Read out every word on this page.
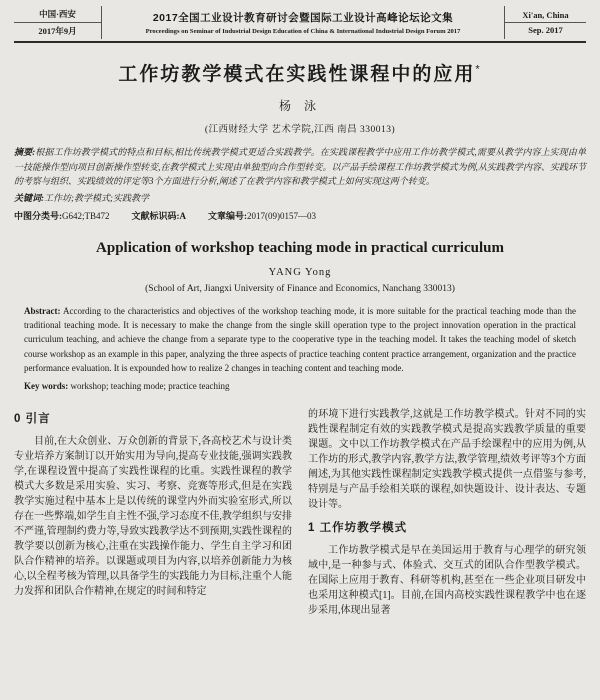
中国·西安
2017年9月
2017全国工业设计教育研讨会暨国际工业设计高峰论坛论文集
Proceedings on Seminar of Industrial Design Education of China & International Industrial Design Forum 2017
Xi'an, China
Sep. 2017
工作坊教学模式在实践性课程中的应用*
杨 泳
(江西财经大学 艺术学院,江西 南昌 330013)
摘要:根据工作坊教学模式的特点和目标,相比传统教学模式更适合实践教学。在实践课程教学中应用工作坊教学模式,需要从教学内容上实现由单一技能操作型向项目创新操作型转变,在教学模式上实现由单独型向合作型转变。以产品手绘课程工作坊教学模式为例,从实践教学内容、实践环节的考察与组织、实践绩效的评定等3个方面进行分析,阐述了在教学内容和教学模式上如何实现这两个转变。
关键词:工作坊;教学模式;实践教学
中图分类号:G642;TB472 文献标识码:A 文章编号:2017(09)0157—03
Application of workshop teaching mode in practical curriculum
YANG Yong
(School of Art, Jiangxi University of Finance and Economics, Nanchang 330013)
Abstract: According to the characteristics and objectives of the workshop teaching mode, it is more suitable for the practical teaching mode than the traditional teaching mode. It is necessary to make the change from the single skill operation type to the project innovation operation in the practical curriculum teaching, and achieve the change from a separate type to the cooperative type in the teaching model. It takes the teaching model of sketch course workshop as an example in this paper, analyzing the three aspects of practice teaching content practice arrangement, organization and the practice performance evaluation. It is expounded how to realize 2 changes in teaching content and teaching mode.
Key words: workshop; teaching mode; practice teaching
0 引言
目前,在大众创业、万众创新的背景下,各高校艺术与设计类专业培养方案制订以开始实用为导向,提高专业技能,强调实践教学,在课程设置中提高了实践性课程的比重。实践性课程的教学模式大多数是采用实验、实习、考察、竞赛等形式,但是在实践教学实施过程中基本上是以传统的课堂内外而实验室形式,所以存在一些弊端,如学生自主性不强,学习态度不佳,教学组织与安排不严谨,管理制约费力等,导致实践教学达不到预期,实践性课程的教学要以创新为核心,注重在实践操作能力、学生自主学习和团队合作精神的培养。以课题或项目为内容,以培养创新能力为核心,以全程考核为管理,以具备学生的实践能力为目标,注重个人能力发挥和团队合作精神,在规定的时间和特定
的环境下进行实践教学,这就是工作坊教学模式。针对不同的实践性课程制定有效的实践教学模式是提高实践教学质量的重要课题。文中以工作坊教学模式在产品手绘课程中的应用为例,从工作坊的形式,教学内容,教学方法,教学管理,绩效考评等3个方面阐述,为其他实践性课程制定实践教学模式提供一点借鉴与参考,特别是与产品手绘相关联的课程,如快题设计、设计表达、专题设计等。
1 工作坊教学模式
工作坊教学模式是早在美国运用于教育与心理学的研究领域中,是一种参与式、体验式、交互式的团队合作型教学模式。在国际上应用于教育、科研等机构,甚至在一些企业项目研发中也采用这种模式[1]。目前,在国内高校实践性课程教学中也在逐步采用,体现出显著
